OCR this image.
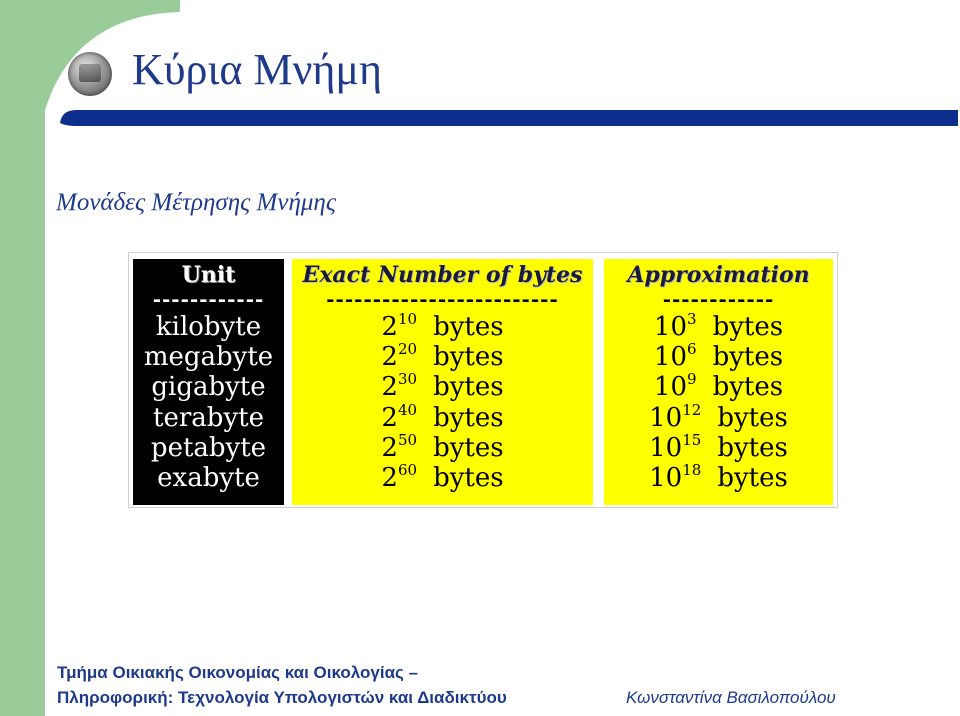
Κύρια Μνήμη
Μονάδες Μέτρησης Μνήμης
Unit
------------
kilobyte
megabyte
gigabyte
terabyte
petabyte
exabyte
Exact Number of bytes
-------------------------
$2^{10}$ bytes
$2^{20}$ bytes
$2^{30}$ bytes
$2^{40}$ bytes
$2^{50}$ bytes
$2^{60}$ bytes
Approximation
------------
$10^3$ bytes
$10^6$ bytes
$10^9$ bytes
$10^{12}$ bytes
$10^{15}$ bytes
$10^{18}$ bytes
Τμήμα Οικιακής Οικονομίας και Οικολογίας –
Πληροφορική: Τεχνολογία Υπολογιστών και Διαδικτύου	Κωνσταντίνα Βασιλοπούλου
